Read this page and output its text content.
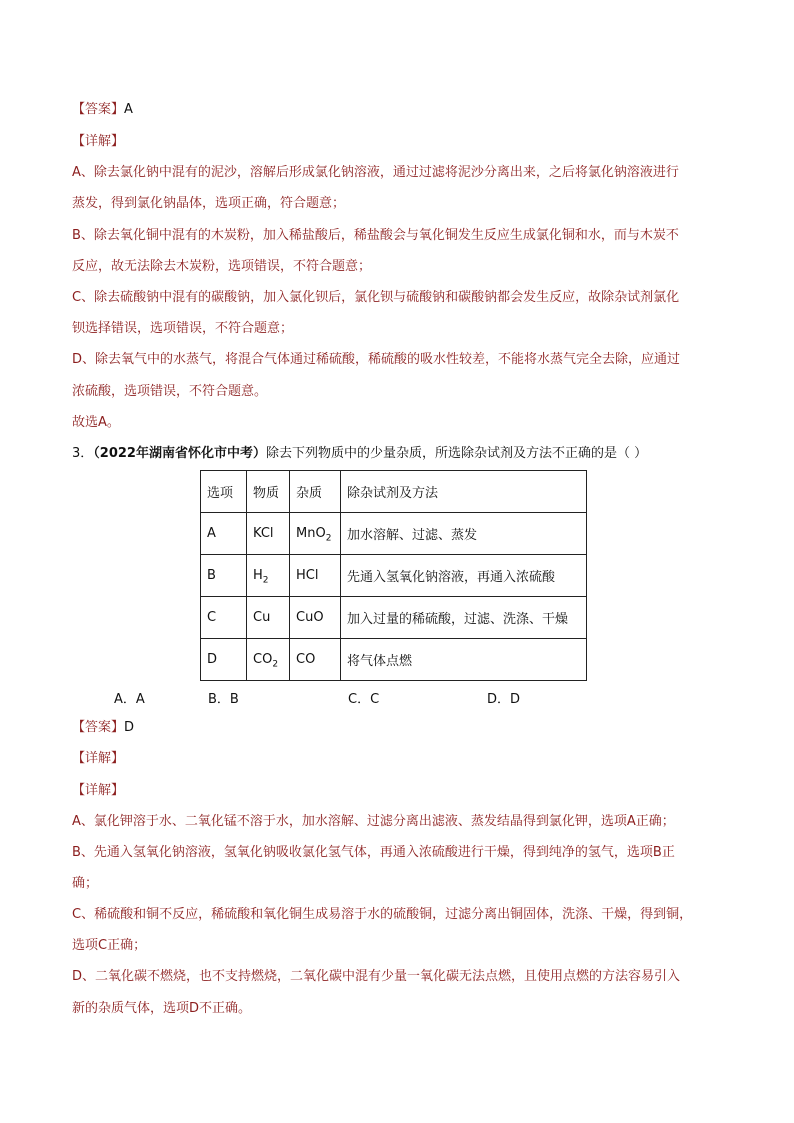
【答案】A
【详解】
A、除去氯化钠中混有的泥沙，溶解后形成氯化钠溶液，通过过滤将泥沙分离出来，之后将氯化钠溶液进行
蒸发，得到氯化钠晶体，选项正确，符合题意；
B、除去氧化铜中混有的木炭粉，加入稀盐酸后，稀盐酸会与氧化铜发生反应生成氯化铜和水，而与木炭不
反应，故无法除去木炭粉，选项错误，不符合题意；
C、除去硫酸钠中混有的碳酸钠，加入氯化钡后，氯化钡与硫酸钠和碳酸钠都会发生反应，故除杂试剂氯化
钡选择错误，选项错误，不符合题意；
D、除去氧气中的水蒸气，将混合气体通过稀硫酸，稀硫酸的吸水性较差，不能将水蒸气完全去除，应通过
浓硫酸，选项错误，不符合题意。
故选A。
3．（2022年湖南省怀化市中考）除去下列物质中的少量杂质，所选除杂试剂及方法不正确的是（ ）
选项	物质	杂质	除杂试剂及方法
A	KCl	MnO$_2$	加水溶解、过滤、蒸发
B	$H_2$	HCl	先通入氢氧化钠溶液，再通入浓硫酸
C	Cu	CuO	加入过量的稀硫酸，过滤、洗涤、干燥
D	$CO_2$	CO	将气体点燃
A．A	B．B	C．C	D．D
【答案】D
【详解】
【详解】
A、氯化钾溶于水、二氧化锰不溶于水，加水溶解、过滤分离出滤液、蒸发结晶得到氯化钾，选项A正确；
B、先通入氢氧化钠溶液，氢氧化钠吸收氯化氢气体，再通入浓硫酸进行干燥，得到纯净的氢气，选项B正
确；
C、稀硫酸和铜不反应，稀硫酸和氧化铜生成易溶于水的硫酸铜，过滤分离出铜固体，洗涤、干燥，得到铜，
选项C正确；
D、二氧化碳不燃烧，也不支持燃烧，二氧化碳中混有少量一氧化碳无法点燃，且使用点燃的方法容易引入
新的杂质气体，选项D不正确。
